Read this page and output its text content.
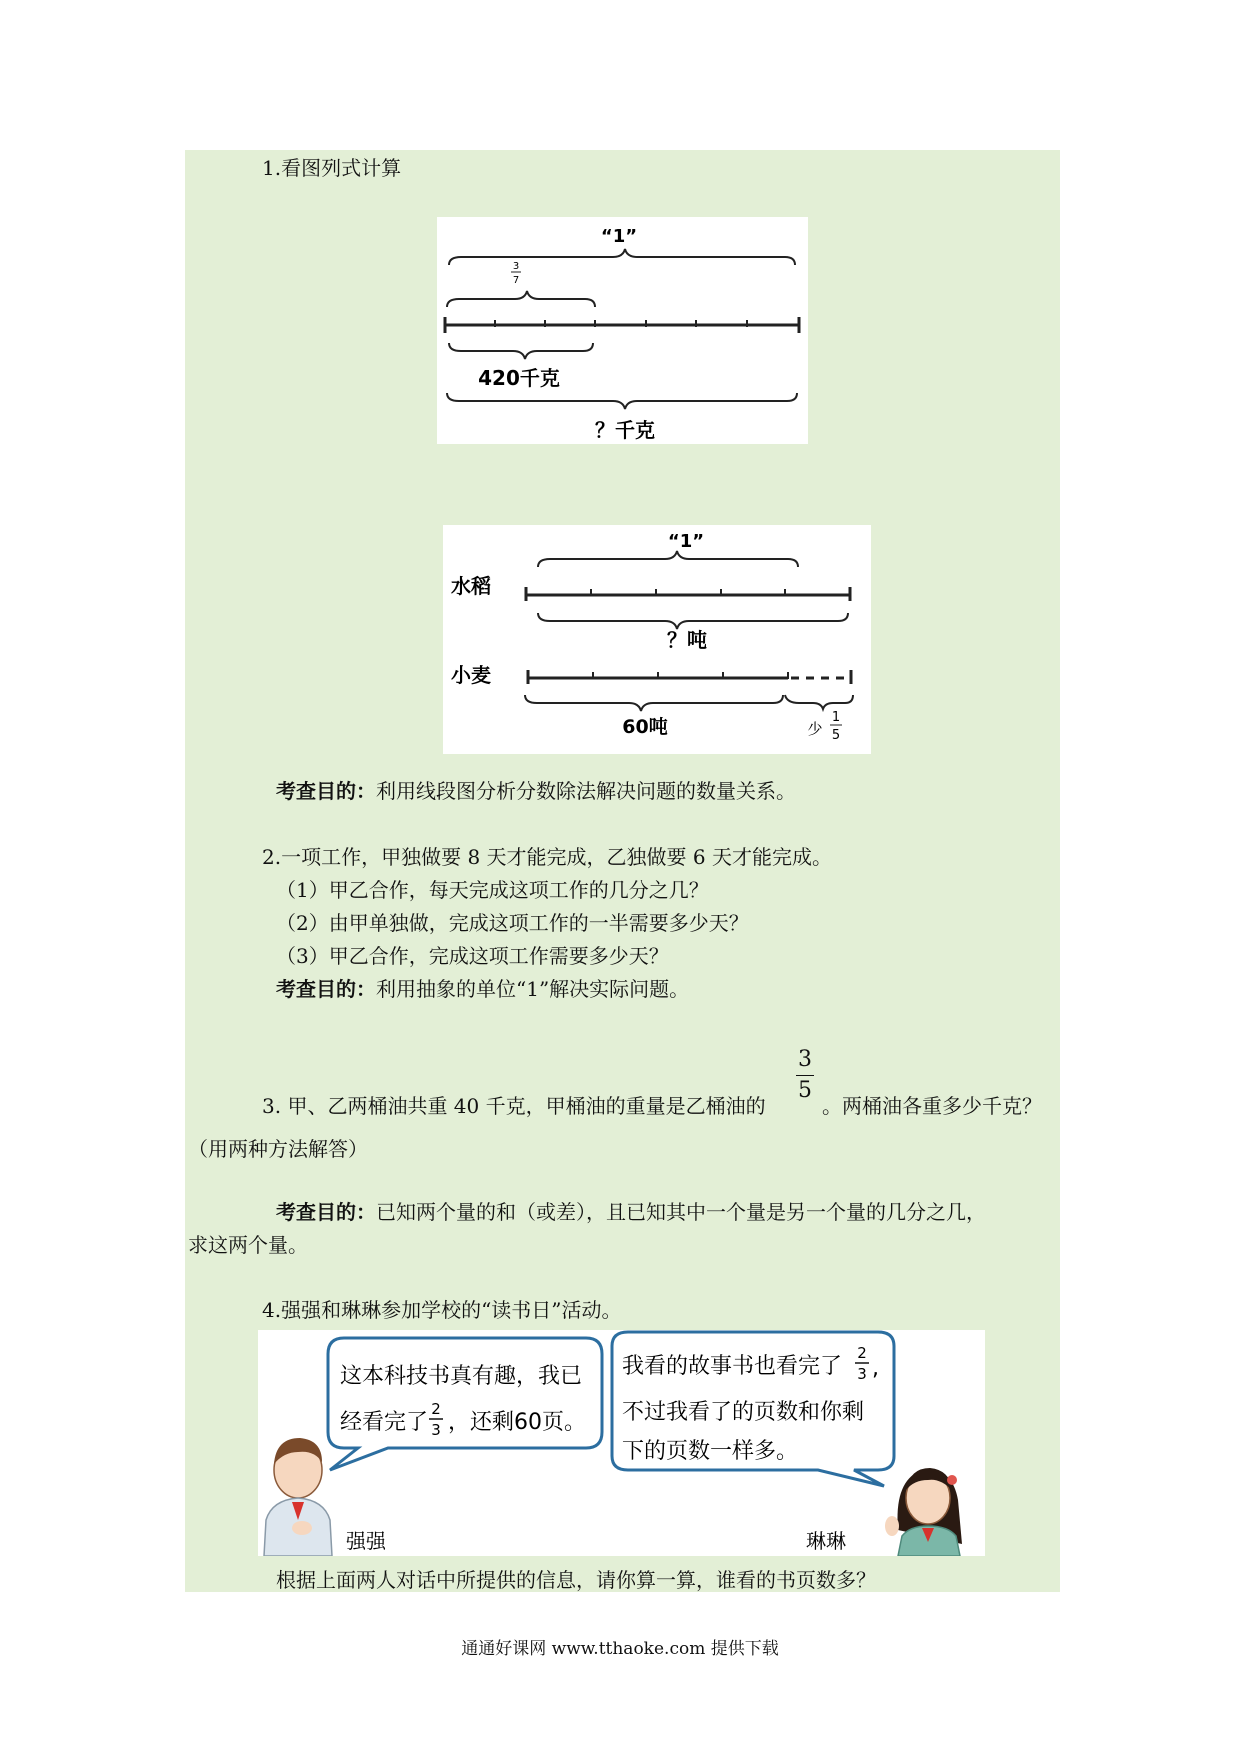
1.看图列式计算
“1”
3
7
420千克
？千克
“1”
水稻
？吨
小麦
60吨	少
1
5
考查目的：利用线段图分析分数除法解决问题的数量关系。
2.一项工作，甲独做要 8 天才能完成，乙独做要 6 天才能完成。
（1）甲乙合作，每天完成这项工作的几分之几？
（2）由甲单独做，完成这项工作的一半需要多少天？
（3）甲乙合作，完成这项工作需要多少天？
考查目的：利用抽象的单位“1”解决实际问题。
3. 甲、乙两桶油共重 40 千克，甲桶油的重量是乙桶油的
3
5
。两桶油各重多少千克？
（用两种方法解答）
考查目的：已知两个量的和（或差），且已知其中一个量是另一个量的几分之几，
求这两个量。
4.强强和琳琳参加学校的“读书日”活动。
这本科技书真有趣，我已
经看完了
2
3 ，还剩60页。
我看的故事书也看完了
2
3 ,
不过我看了的页数和你剩
下的页数一样多。
强强	琳琳
根据上面两人对话中所提供的信息，请你算一算，谁看的书页数多？
通通好课网 www.tthaoke.com 提供下载
